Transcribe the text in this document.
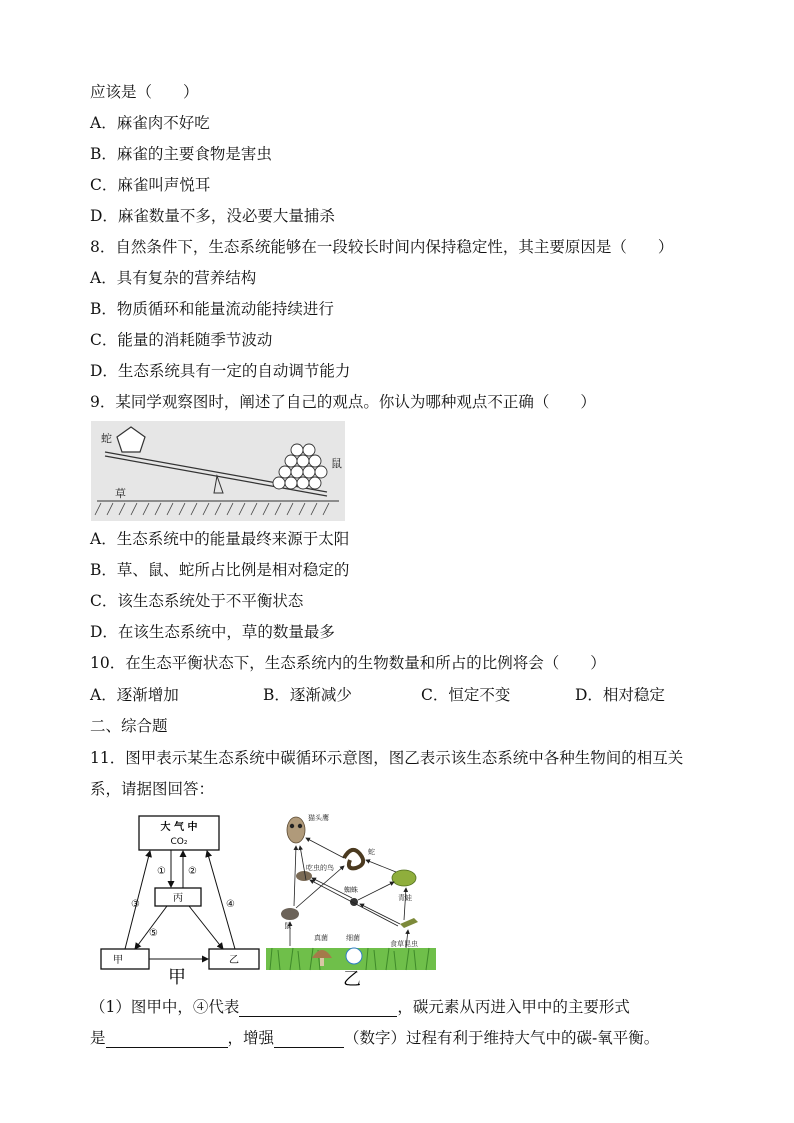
应该是（　　）
A．麻雀肉不好吃
B．麻雀的主要食物是害虫
C．麻雀叫声悦耳
D．麻雀数量不多，没必要大量捕杀
8．自然条件下，生态系统能够在一段较长时间内保持稳定性，其主要原因是（　　）
A．具有复杂的营养结构
B．物质循环和能量流动能持续进行
C．能量的消耗随季节波动
D．生态系统具有一定的自动调节能力
9．某同学观察图时，阐述了自己的观点。你认为哪种观点不正确（　　）
蛇
鼠
草
A．生态系统中的能量最终来源于太阳
B．草、鼠、蛇所占比例是相对稳定的
C．该生态系统处于不平衡状态
D．在该生态系统中，草的数量最多
10．在生态平衡状态下，生态系统内的生物数量和所占的比例将会（　　）
A．逐渐增加	B．逐渐减少	C．恒定不变	D．相对稳定
二、综合题
11．图甲表示某生态系统中碳循环示意图，图乙表示该生态系统中各种生物间的相互关
系，请据图回答：
大 气 中
CO₂
丙
甲	乙
① ②
③	④
⑤
甲
猫头鹰
蛇
吃虫的鸟
蜘蛛
青蛙
鼠
食草昆虫
真菌	细菌
乙
（1）图甲中，④代表	，碳元素从丙进入甲中的主要形式
是	，增强	（数字）过程有利于维持大气中的碳-氧平衡。
